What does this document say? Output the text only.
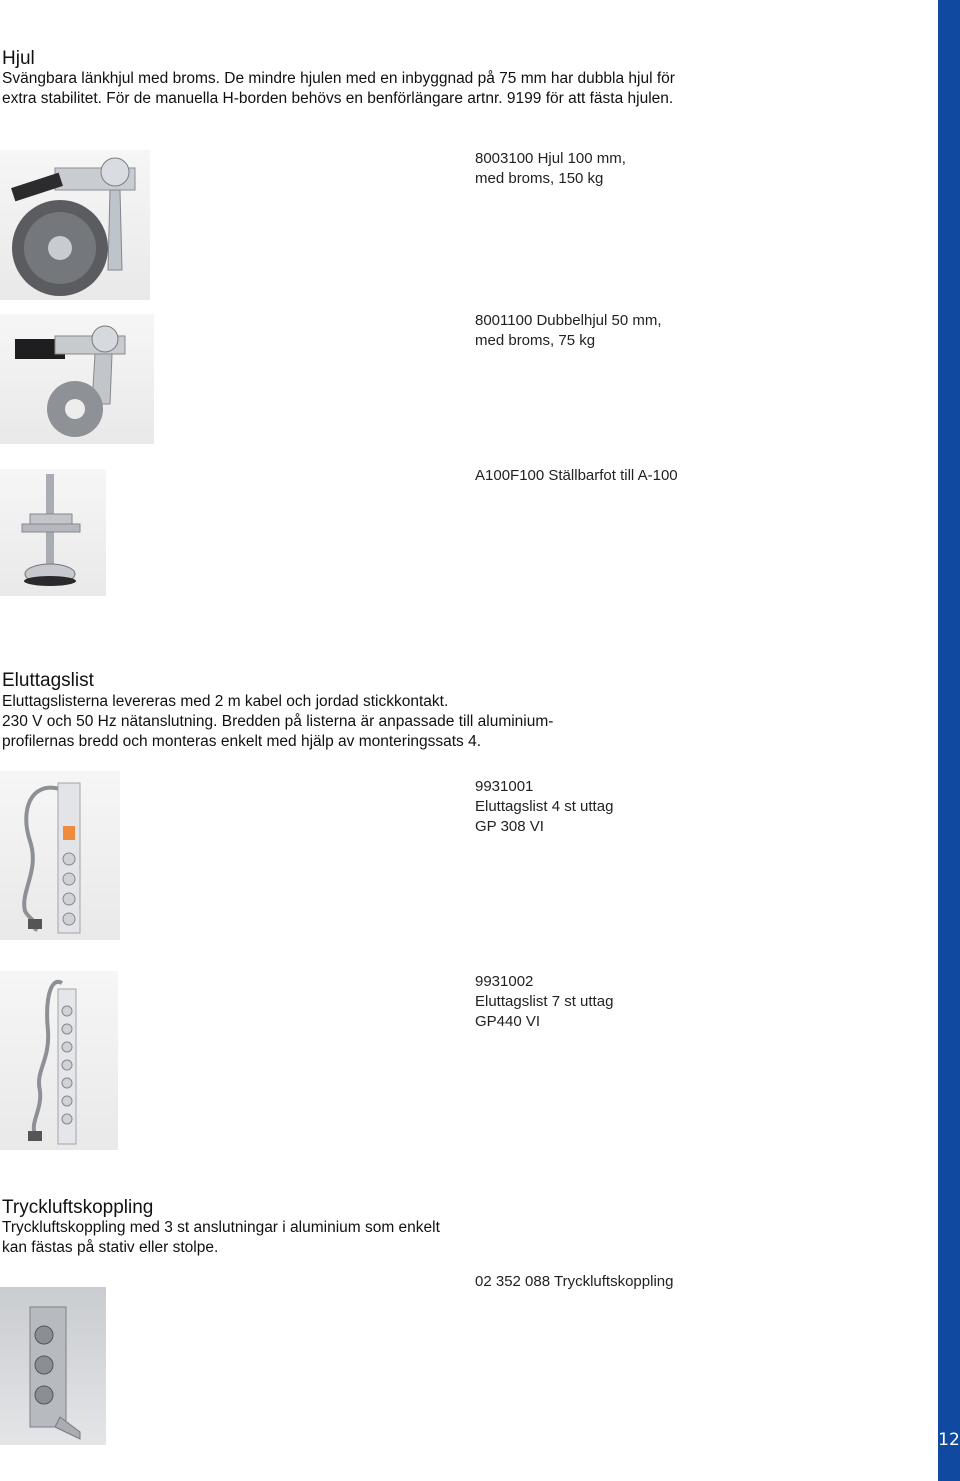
12
Hjul
Svängbara länkhjul med broms. De mindre hjulen med en inbyggnad på 75 mm har dubbla hjul för
extra stabilitet. För de manuella H-borden behövs en benförlängare artnr. 9199 för att fästa hjulen.
8003100 Hjul 100 mm,
med broms, 150 kg
8001100 Dubbelhjul 50 mm,
med broms, 75 kg
A100F100 Ställbarfot till A-100
Eluttagslist
Eluttagslisterna levereras med 2 m kabel och jordad stickkontakt.
230 V och 50 Hz nätanslutning. Bredden på listerna är anpassade till aluminium-
profilernas bredd och monteras enkelt med hjälp av monteringssats 4.
9931001
Eluttagslist 4 st uttag
GP 308 VI
9931002
Eluttagslist 7 st uttag
GP440 VI
Tryckluftskoppling
Tryckluftskoppling med 3 st anslutningar i aluminium som enkelt
kan fästas på stativ eller stolpe.
02 352 088 Tryckluftskoppling
